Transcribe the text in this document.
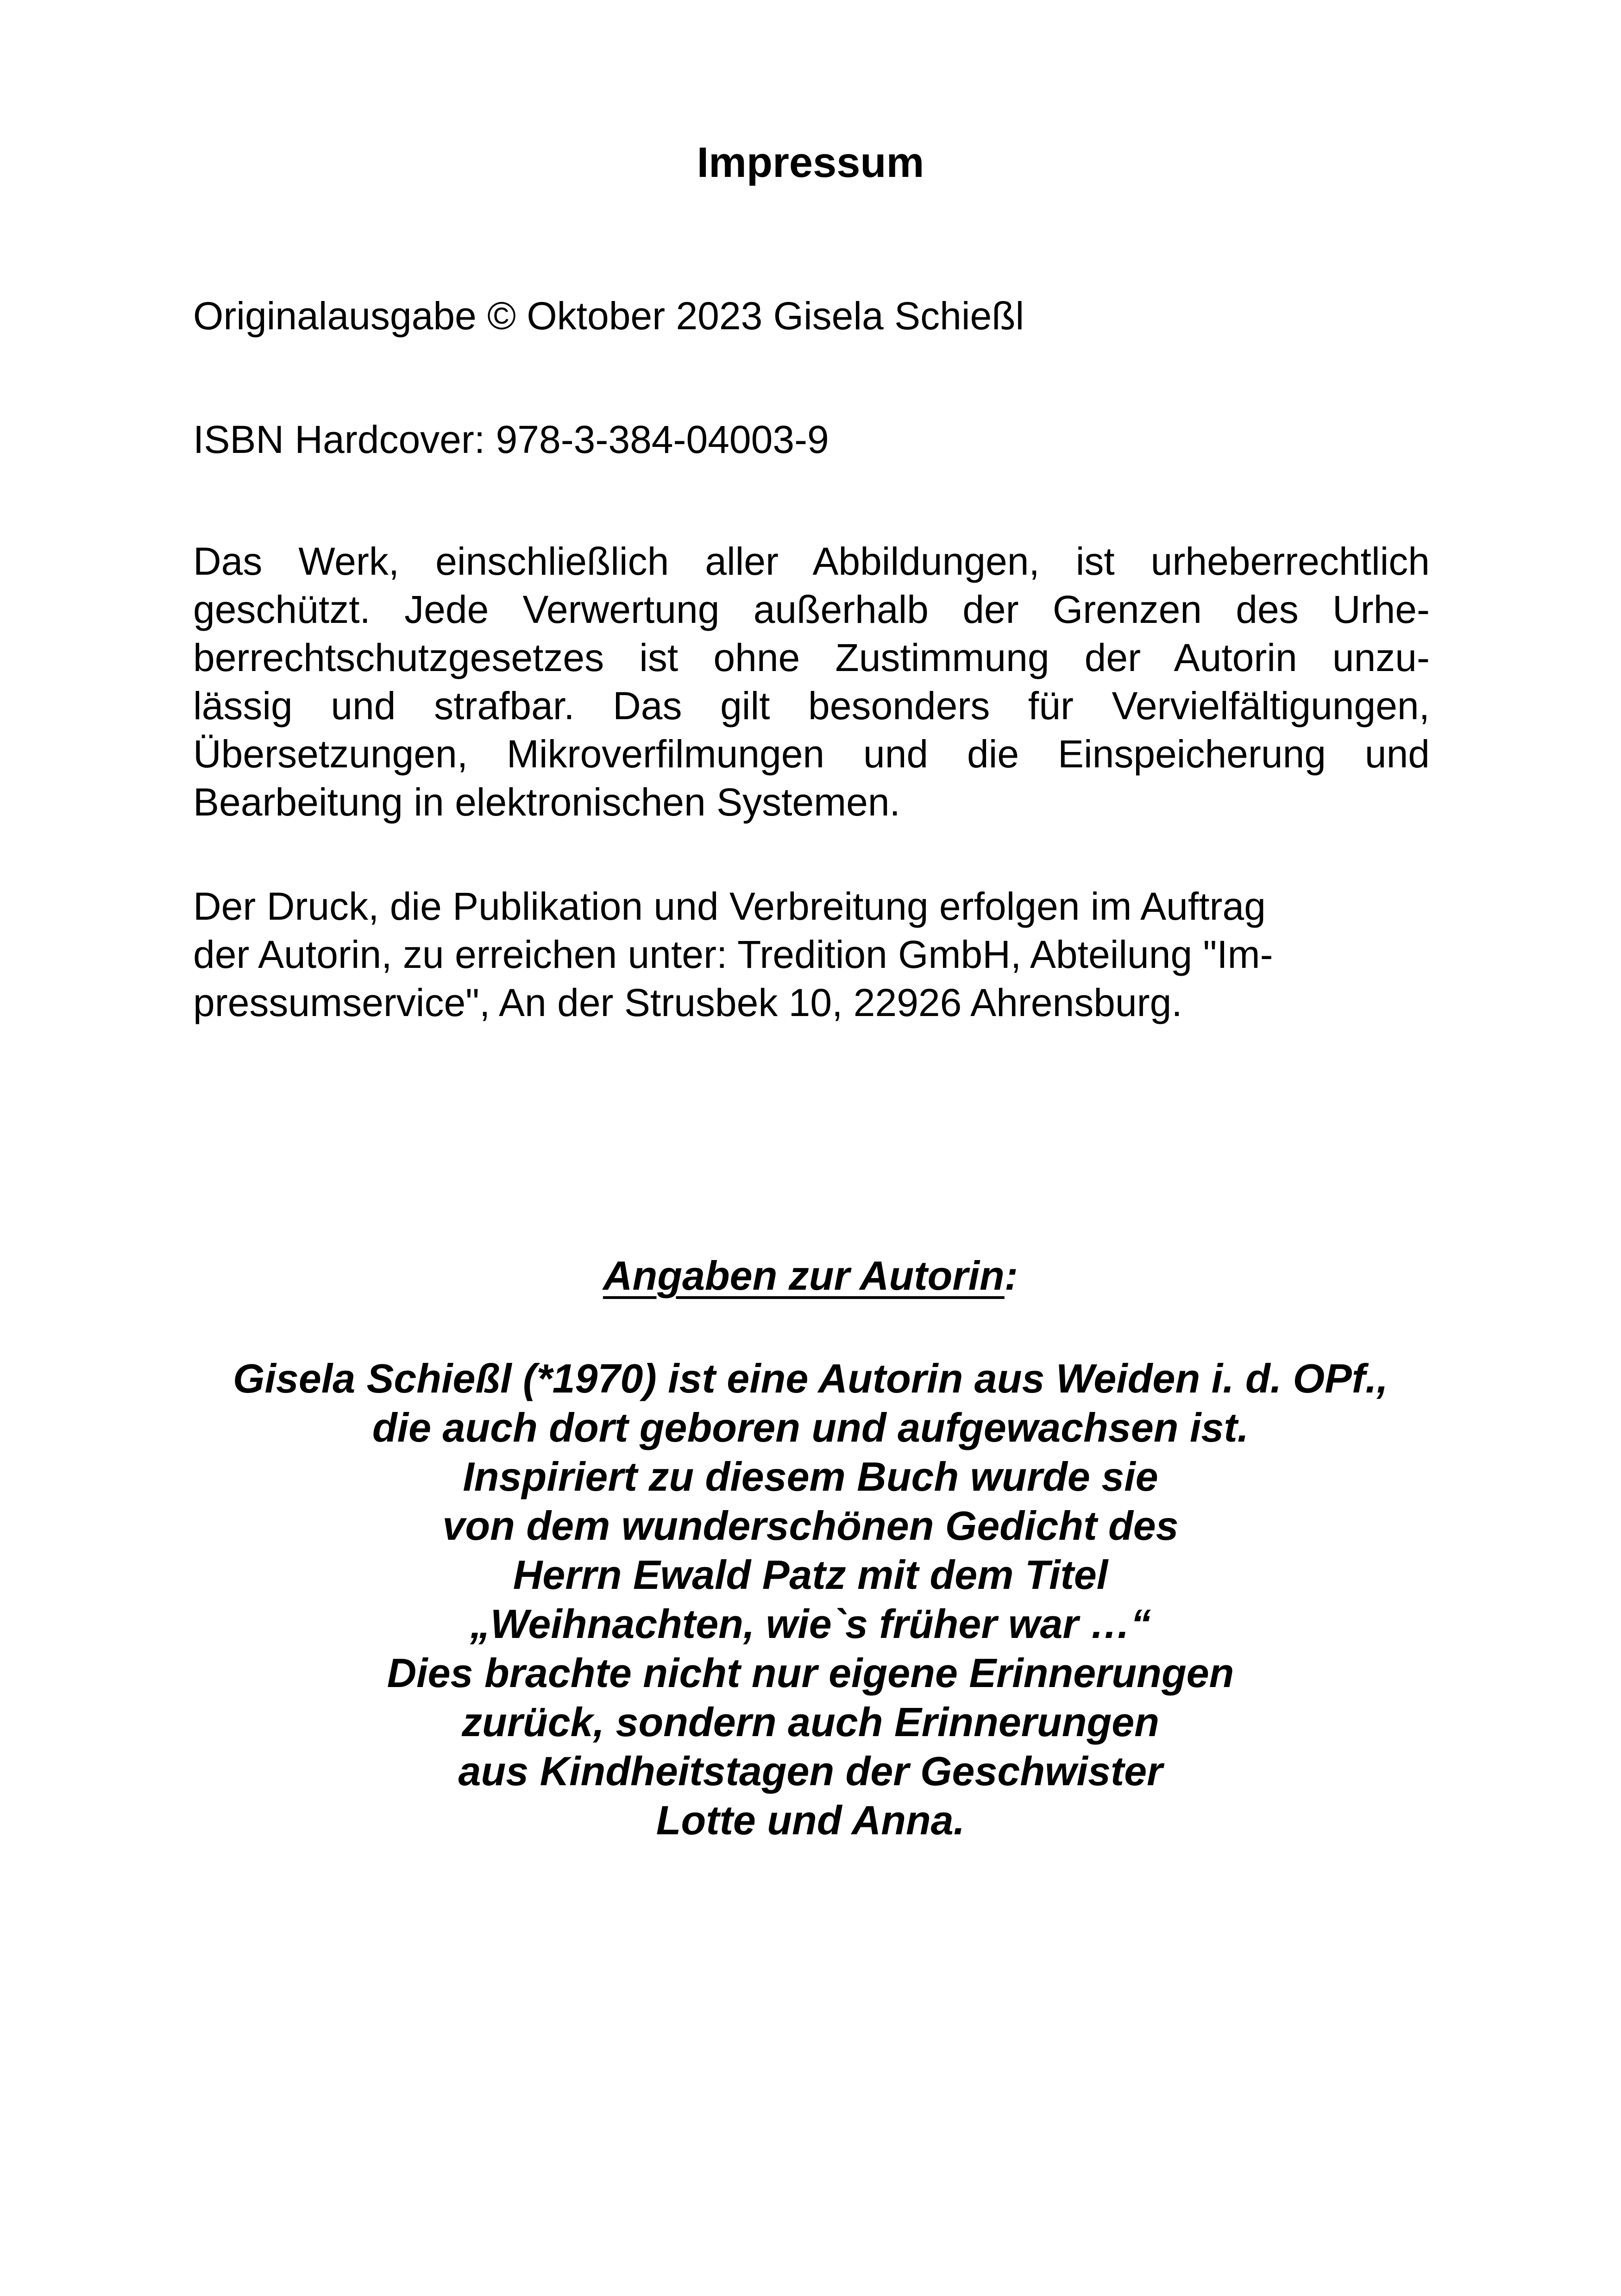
Impressum

Originalausgabe © Oktober 2023 Gisela Schießl

ISBN Hardcover: 978-3-384-04003-9

Das Werk, einschließlich aller Abbildungen, ist urheberrechtlich
geschützt. Jede Verwertung außerhalb der Grenzen des Urhe-
berrechtschutzgesetzes ist ohne Zustimmung der Autorin unzu-
lässig und strafbar. Das gilt besonders für Vervielfältigungen,
Übersetzungen, Mikroverfilmungen und die Einspeicherung und
Bearbeitung in elektronischen Systemen.
Der Druck, die Publikation und Verbreitung erfolgen im Auftrag
der Autorin, zu erreichen unter: Tredition GmbH, Abteilung "Im-
pressumservice", An der Strusbek 10, 22926 Ahrensburg.

Angaben zur Autorin:

Gisela Schießl (*1970) ist eine Autorin aus Weiden i. d. OPf.,
die auch dort geboren und aufgewachsen ist.
Inspiriert zu diesem Buch wurde sie
von dem wunderschönen Gedicht des
Herrn Ewald Patz mit dem Titel
„Weihnachten, wie`s früher war …“
Dies brachte nicht nur eigene Erinnerungen
zurück, sondern auch Erinnerungen
aus Kindheitstagen der Geschwister
Lotte und Anna.
